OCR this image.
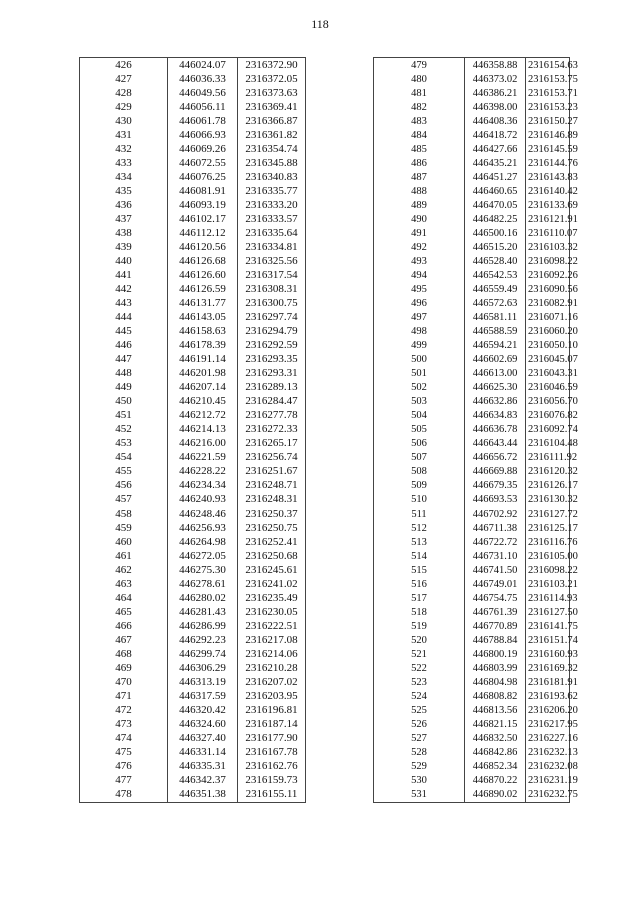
118
426	446024.07	2316372.90
427	446036.33	2316372.05
428	446049.56	2316373.63
429	446056.11	2316369.41
430	446061.78	2316366.87
431	446066.93	2316361.82
432	446069.26	2316354.74
433	446072.55	2316345.88
434	446076.25	2316340.83
435	446081.91	2316335.77
436	446093.19	2316333.20
437	446102.17	2316333.57
438	446112.12	2316335.64
439	446120.56	2316334.81
440	446126.68	2316325.56
441	446126.60	2316317.54
442	446126.59	2316308.31
443	446131.77	2316300.75
444	446143.05	2316297.74
445	446158.63	2316294.79
446	446178.39	2316292.59
447	446191.14	2316293.35
448	446201.98	2316293.31
449	446207.14	2316289.13
450	446210.45	2316284.47
451	446212.72	2316277.78
452	446214.13	2316272.33
453	446216.00	2316265.17
454	446221.59	2316256.74
455	446228.22	2316251.67
456	446234.34	2316248.71
457	446240.93	2316248.31
458	446248.46	2316250.37
459	446256.93	2316250.75
460	446264.98	2316252.41
461	446272.05	2316250.68
462	446275.30	2316245.61
463	446278.61	2316241.02
464	446280.02	2316235.49
465	446281.43	2316230.05
466	446286.99	2316222.51
467	446292.23	2316217.08
468	446299.74	2316214.06
469	446306.29	2316210.28
470	446313.19	2316207.02
471	446317.59	2316203.95
472	446320.42	2316196.81
473	446324.60	2316187.14
474	446327.40	2316177.90
475	446331.14	2316167.78
476	446335.31	2316162.76
477	446342.37	2316159.73
478	446351.38	2316155.11
479	446358.88	2316154.63
480	446373.02	2316153.75
481	446386.21	2316153.71
482	446398.00	2316153.23
483	446408.36	2316150.27
484	446418.72	2316146.89
485	446427.66	2316145.59
486	446435.21	2316144.76
487	446451.27	2316143.83
488	446460.65	2316140.42
489	446470.05	2316133.69
490	446482.25	2316121.91
491	446500.16	2316110.07
492	446515.20	2316103.32
493	446528.40	2316098.22
494	446542.53	2316092.26
495	446559.49	2316090.56
496	446572.63	2316082.91
497	446581.11	2316071.16
498	446588.59	2316060.20
499	446594.21	2316050.10
500	446602.69	2316045.07
501	446613.00	2316043.31
502	446625.30	2316046.59
503	446632.86	2316056.70
504	446634.83	2316076.82
505	446636.78	2316092.74
506	446643.44	2316104.48
507	446656.72	2316111.92
508	446669.88	2316120.32
509	446679.35	2316126.17
510	446693.53	2316130.32
511	446702.92	2316127.72
512	446711.38	2316125.17
513	446722.72	2316116.76
514	446731.10	2316105.00
515	446741.50	2316098.22
516	446749.01	2316103.21
517	446754.75	2316114.93
518	446761.39	2316127.50
519	446770.89	2316141.75
520	446788.84	2316151.74
521	446800.19	2316160.93
522	446803.99	2316169.32
523	446804.98	2316181.91
524	446808.82	2316193.62
525	446813.56	2316206.20
526	446821.15	2316217.95
527	446832.50	2316227.16
528	446842.86	2316232.13
529	446852.34	2316232.08
530	446870.22	2316231.19
531	446890.02	2316232.75
